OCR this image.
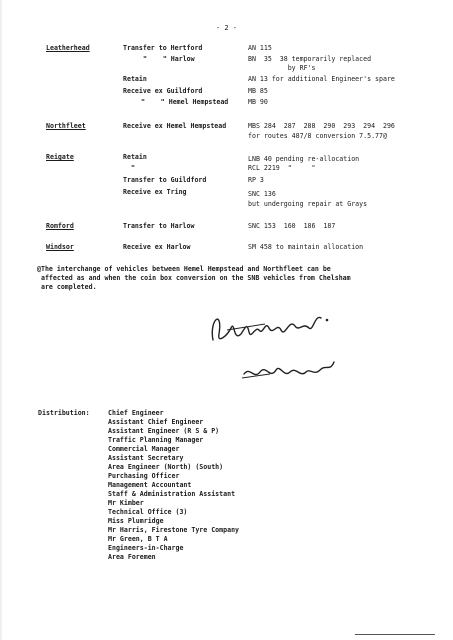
- 2 -
Leatherhead	Transfer to Hertford	AN 115
"    " Harlow	BN  35  38 temporarily replaced
by RF's
Retain	AN 13 for additional Engineer's spare
Receive ex Guildford	MB 85
"    " Hemel Hempstead	MB 90
Northfleet	Receive ex Hemel Hempstead	MBS 284  287  288  290  293  294  296
for routes 487/8 conversion 7.5.77@
Reigate	Retain	LNB 40 pending re-allocation
"	RCL 2219  "     "
Transfer to Guildford	RP 3
Receive ex Tring	SNC 136
but undergoing repair at Grays
Romford	Transfer to Harlow	SNC 153  160  186  187
Windsor	Receive ex Harlow	SM 458 to maintain allocation
@The interchange of vehicles between Hemel Hempstead and Northfleet can be
affected as and when the coin box conversion on the SNB vehicles from Chelsham
are completed.
Distribution:	Chief Engineer
Assistant Chief Engineer
Assistant Engineer (R S & P)
Traffic Planning Manager
Commercial Manager
Assistant Secretary
Area Engineer (North) (South)
Purchasing Officer
Management Accountant
Staff & Administration Assistant
Mr Kimber
Technical Office (3)
Miss Plumridge
Mr Harris, Firestone Tyre Company
Mr Green, B T A
Engineers-in-Charge
Area Foremen
